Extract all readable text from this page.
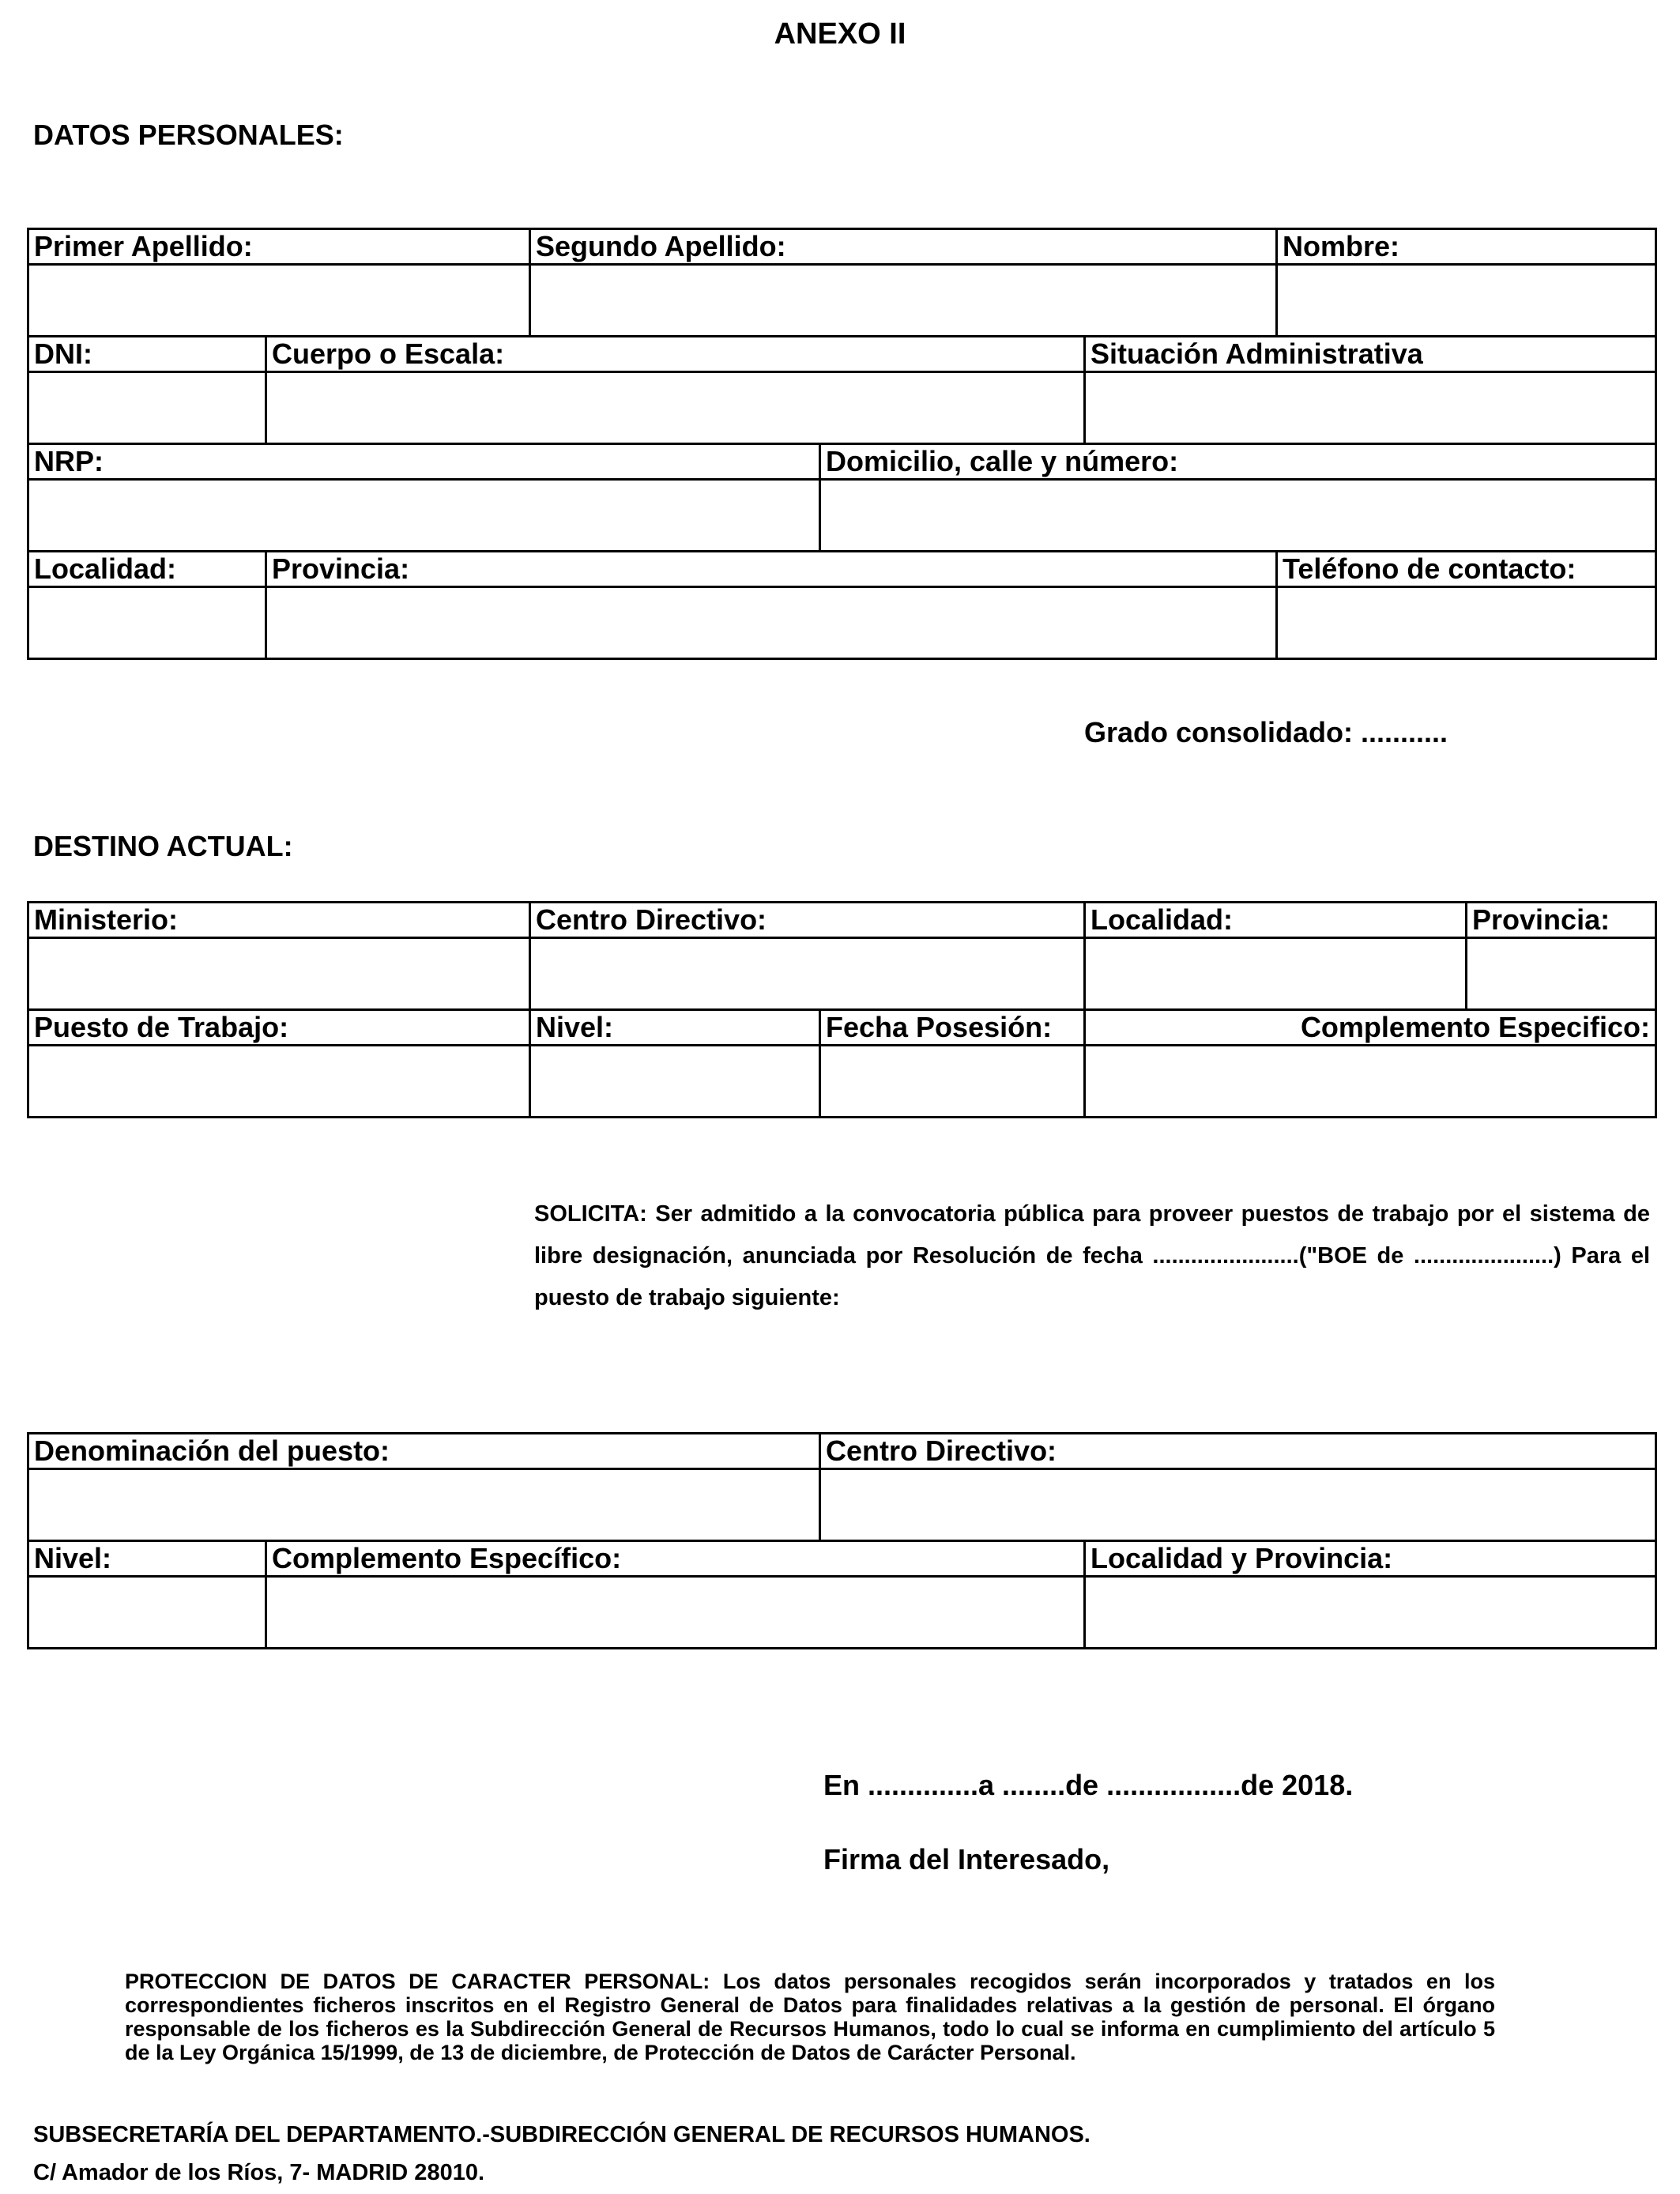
ANEXO II
DATOS PERSONALES:
Primer Apellido:		Segundo Apellido:			Nombre:

DNI:	Cuerpo o Escala:			Situación Administrativa	

NRP:			Domicilio, calle y número:		

Localidad:	Provincia:				Teléfono de contacto:

Grado consolidado: ...........
DESTINO ACTUAL:
Ministerio:	Centro Directivo:		Localidad:	Provincia:

Puesto de Trabajo:	Nivel:	Fecha Posesión:	Complemento Especifico:	

SOLICITA: Ser admitido a la convocatoria pública para proveer puestos de trabajo por el sistema de libre designación, anunciada por Resolución de fecha .......................("BOE de ......................) Para el puesto de trabajo siguiente:
Denominación del puesto:		Centro Directivo:	

Nivel:	Complemento Específico:		Localidad y Provincia:

En ..............a ........de .................de 2018.
Firma del Interesado,
PROTECCION DE DATOS DE CARACTER PERSONAL: Los datos personales recogidos serán incorporados y tratados en los correspondientes ficheros inscritos en el Registro General de Datos para finalidades relativas a la gestión de personal. El órgano responsable de los ficheros es la Subdirección General de Recursos Humanos, todo lo cual se informa en cumplimiento del artículo 5 de la Ley Orgánica 15/1999, de 13 de diciembre, de Protección de Datos de Carácter Personal.
SUBSECRETARÍA DEL DEPARTAMENTO.-SUBDIRECCIÓN GENERAL DE RECURSOS HUMANOS.
C/ Amador de los Ríos, 7- MADRID 28010.
